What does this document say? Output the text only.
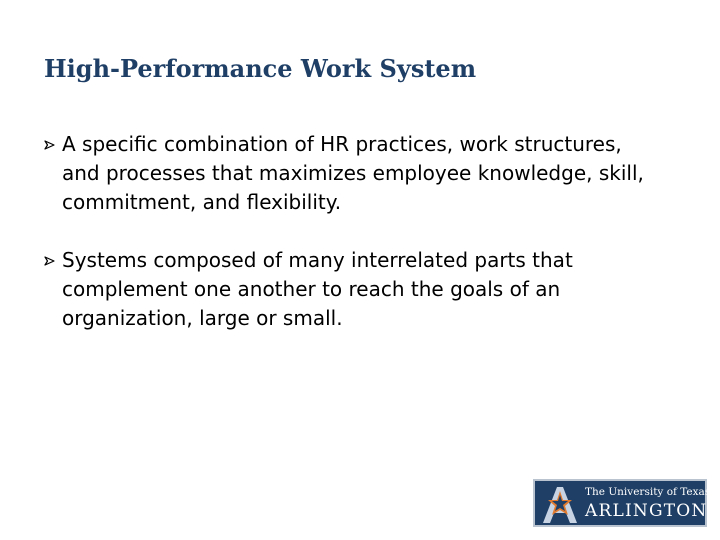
High-Performance Work System
A specific combination of HR practices, work structures, and processes that maximizes employee knowledge, skill, commitment, and flexibility.
Systems composed of many interrelated parts that complement one another to reach the goals of an organization, large or small.
The University of Texas
ARLINGTON™
